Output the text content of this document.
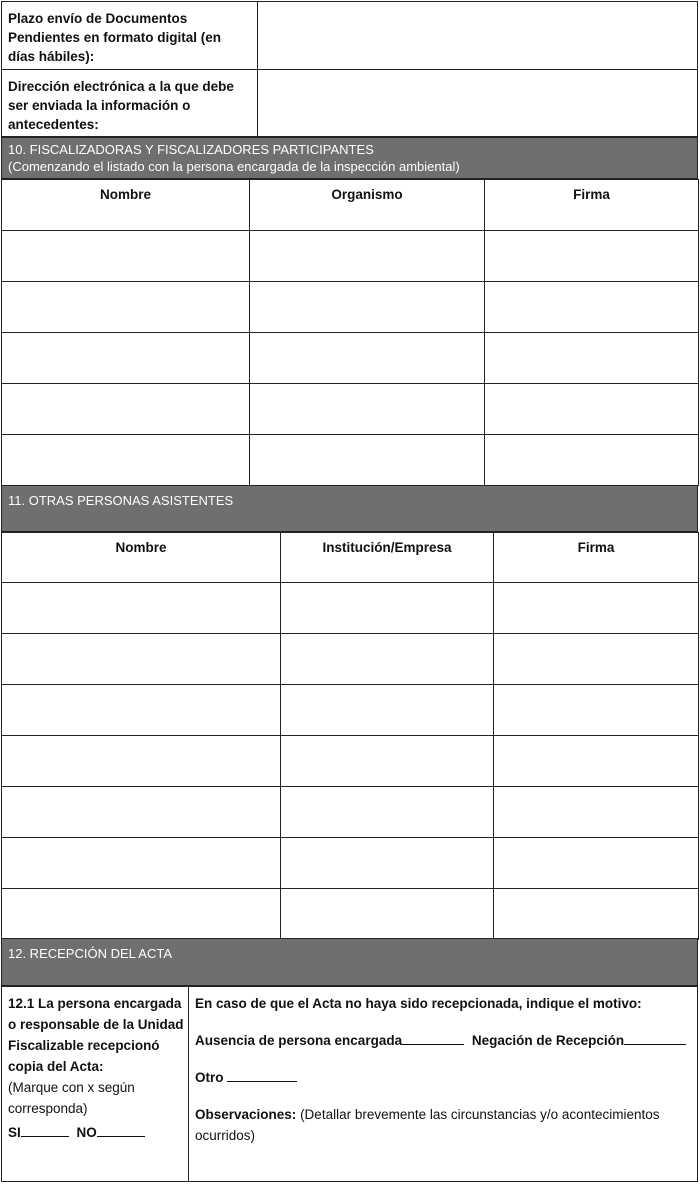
Plazo envío de Documentos Pendientes en formato digital (en días hábiles):
Dirección electrónica a la que debe ser enviada la información o antecedentes:
10. FISCALIZADORAS Y FISCALIZADORES PARTICIPANTES
(Comenzando el listado con la persona encargada de la inspección ambiental)
Nombre	Organismo	Firma

11. OTRAS PERSONAS ASISTENTES
Nombre	Institución/Empresa	Firma

12. RECEPCIÓN DEL ACTA
12.1 La persona encargada o responsable de la Unidad Fiscalizable recepcionó copia del Acta:
(Marque con x según corresponda)
SI	NO
En caso de que el Acta no haya sido recepcionada, indique el motivo:
Ausencia de persona encargada	Negación de Recepción
Otro
Observaciones: (Detallar brevemente las circunstancias y/o acontecimientos ocurridos)
